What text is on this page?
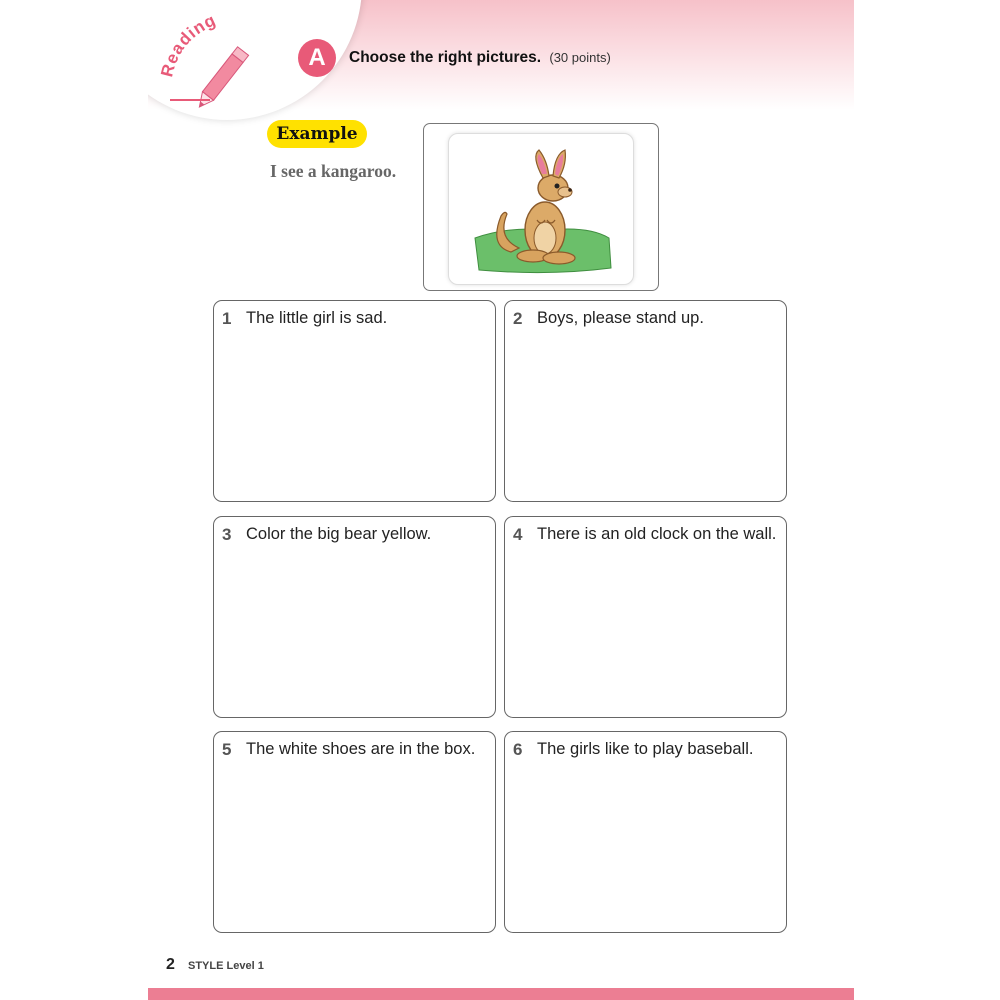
Reading
A	Choose the right pictures. (30 points)
Example
I see a kangaroo.
1 The little girl is sad.	2 Boys, please stand up.
3 Color the big bear yellow.	4 There is an old clock on the wall.
5 The white shoes are in the box.	6 The girls like to play baseball.
2 STYLE Level 1
